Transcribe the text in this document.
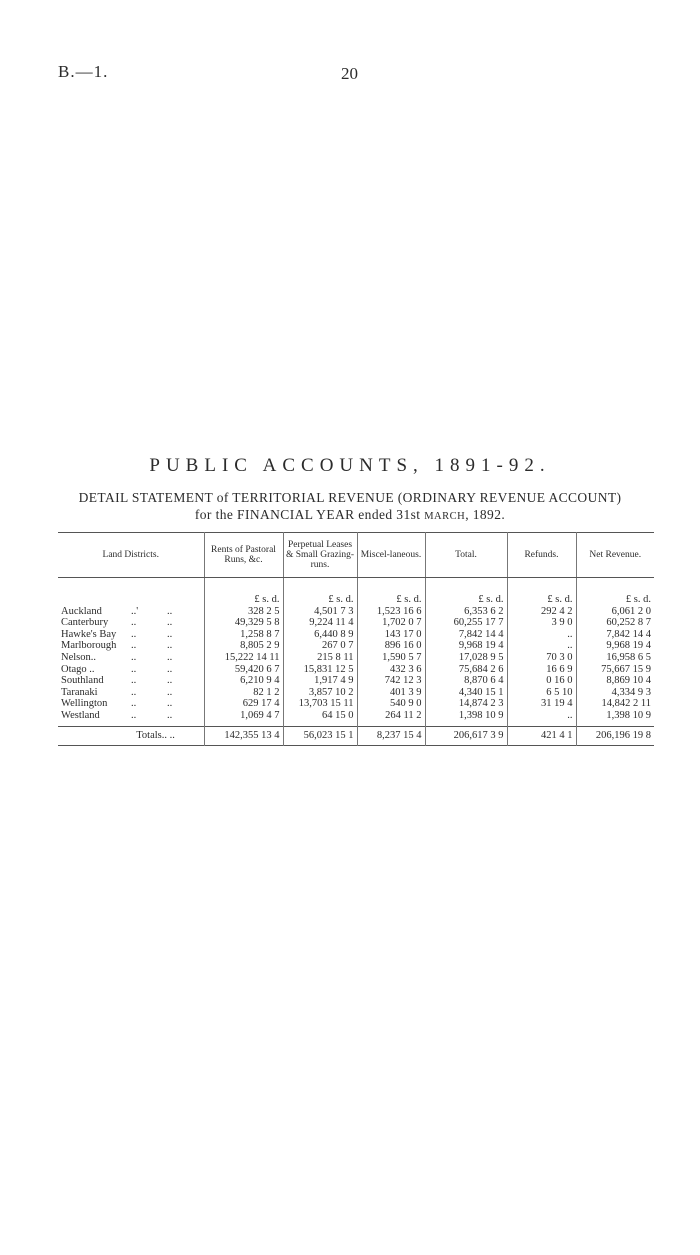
B.—1.	20
PUBLIC ACCOUNTS, 1891-92.
DETAIL STATEMENT of TERRITORIAL REVENUE (ORDINARY REVENUE ACCOUNT)
for the FINANCIAL YEAR ended 31st MARCH, 1892.
Land Districts.	Rents of Pastoral Runs, &c.	Perpetual Leases & Small Grazing-runs.	Miscel-laneous.	Total.	Refunds.	Net Revenue.

	£ s. d.	£ s. d.	£ s. d.	£ s. d.	£ s. d.	£ s. d.
Auckland ..' ..	328 2 5	4,501 7 3	1,523 16 6	6,353 6 2	292 4 2	6,061 2 0
Canterbury .. ..	49,329 5 8	9,224 11 4	1,702 0 7	60,255 17 7	3 9 0	60,252 8 7
Hawke's Bay .. ..	1,258 8 7	6,440 8 9	143 17 0	7,842 14 4	..	7,842 14 4
Marlborough .. ..	8,805 2 9	267 0 7	896 16 0	9,968 19 4	..	9,968 19 4
Nelson.. .. ..	15,222 14 11	215 8 11	1,590 5 7	17,028 9 5	70 3 0	16,958 6 5
Otago .. .. ..	59,420 6 7	15,831 12 5	432 3 6	75,684 2 6	16 6 9	75,667 15 9
Southland .. ..	6,210 9 4	1,917 4 9	742 12 3	8,870 6 4	0 16 0	8,869 10 4
Taranaki .. ..	82 1 2	3,857 10 2	401 3 9	4,340 15 1	6 5 10	4,334 9 3
Wellington .. ..	629 17 4	13,703 15 11	540 9 0	14,874 2 3	31 19 4	14,842 2 11
Westland .. ..	1,069 4 7	64 15 0	264 11 2	1,398 10 9	..	1,398 10 9
Totals.. ..	142,355 13 4	56,023 15 1	8,237 15 4	206,617 3 9	421 4 1	206,196 19 8
